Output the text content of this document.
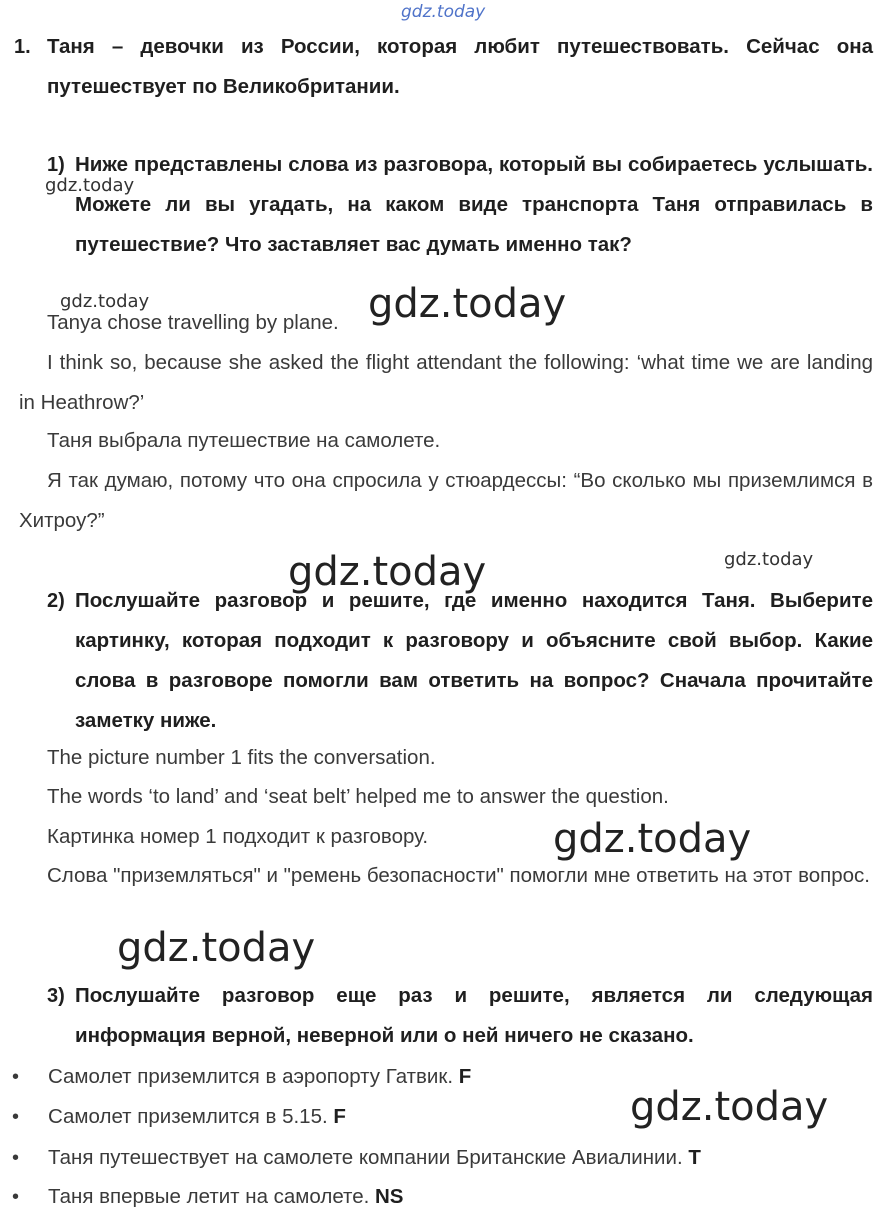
gdz.today
gdz.today
gdz.today
gdz.today
gdz.today
gdz.today
gdz.today
gdz.today
gdz.today
1. Таня – девочки из России, которая любит путешествовать. Сейчас она путешествует по Великобритании.
1) Ниже представлены слова из разговора, который вы собираетесь услышать. Можете ли вы угадать, на каком виде транспорта Таня отправилась в путешествие? Что заставляет вас думать именно так?
Tanya chose travelling by plane.
I think so, because she asked the flight attendant the following: ‘what time we are landing in Heathrow?’
Таня выбрала путешествие на самолете.
Я так думаю, потому что она спросила у стюардессы: “Во сколько мы приземлимся в Хитроу?”
2) Послушайте разговор и решите, где именно находится Таня. Выберите картинку, которая подходит к разговору и объясните свой выбор. Какие слова в разговоре помогли вам ответить на вопрос? Сначала прочитайте заметку ниже.
The picture number 1 fits the conversation.
The words ‘to land’ and ‘seat belt’ helped me to answer the question.
Картинка номер 1 подходит к разговору.
Слова "приземляться" и "ремень безопасности" помогли мне ответить на этот вопрос.
3) Послушайте разговор еще раз и решите, является ли следующая информация верной, неверной или о ней ничего не сказано.
• Самолет приземлится в аэропорту Гатвик. F
• Самолет приземлится в 5.15. F
• Таня путешествует на самолете компании Британские Авиалинии. T
• Таня впервые летит на самолете. NS
